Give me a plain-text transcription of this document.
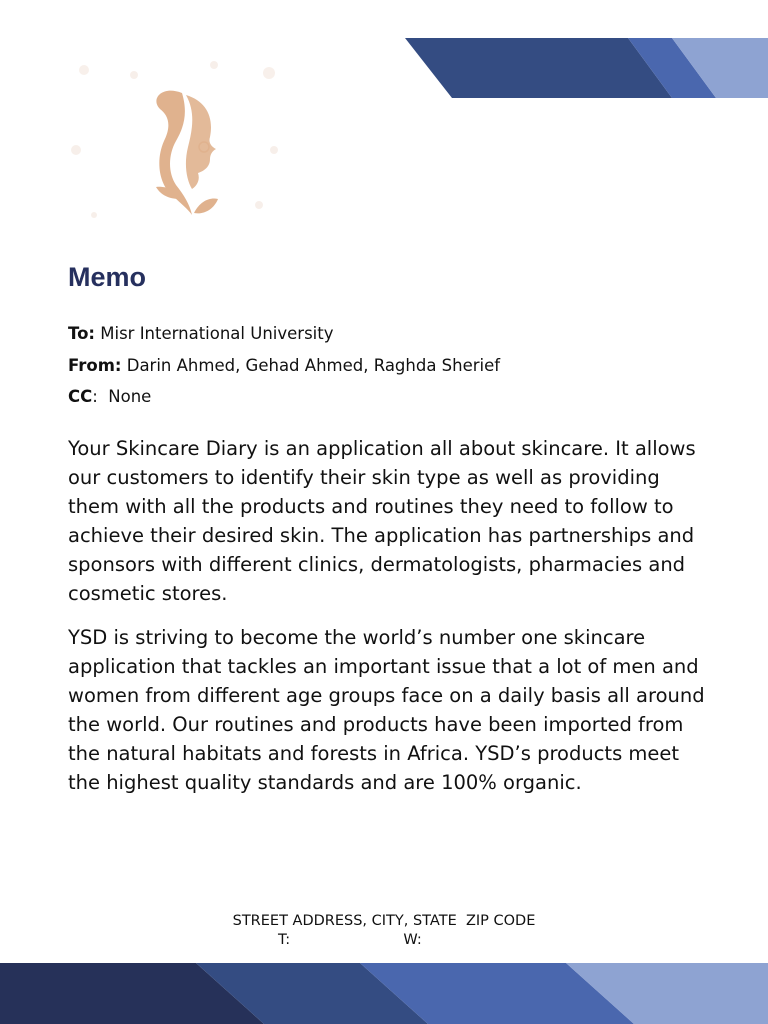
Memo
To: Misr International University
From: Darin Ahmed, Gehad Ahmed, Raghda Sherief
CC:  None

Your Skincare Diary is an application all about skincare. It allows our customers to identify their skin type as well as providing them with all the products and routines they need to follow to achieve their desired skin. The application has partnerships and sponsors with different clinics, dermatologists, pharmacies and cosmetic stores.

YSD is striving to become the world’s number one skincare application that tackles an important issue that a lot of men and women from different age groups face on a daily basis all around the world. Our routines and products have been imported from the natural habitats and forests in Africa. YSD’s products meet the highest quality standards and are 100% organic.

STREET ADDRESS, CITY, STATE  ZIP CODE
T:	W:
